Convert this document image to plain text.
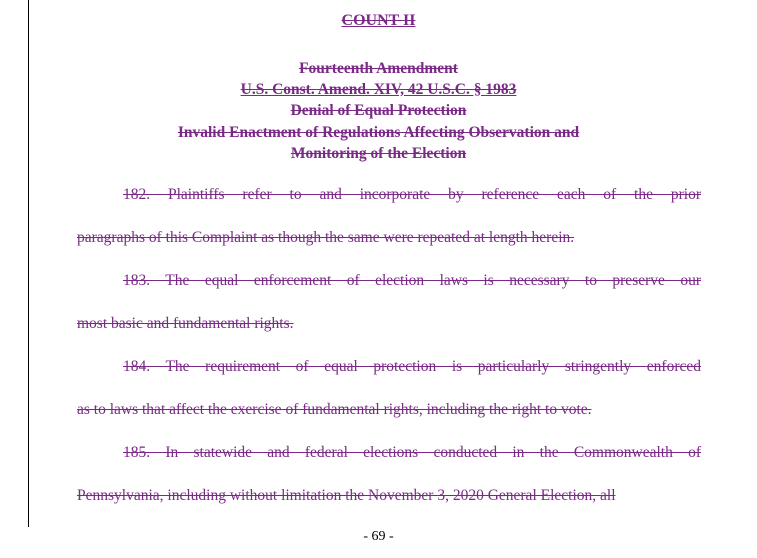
COUNT II
Fourteenth Amendment
U.S. Const. Amend. XIV, 42 U.S.C. § 1983
Denial of Equal Protection
Invalid Enactment of Regulations Affecting Observation and
Monitoring of the Election
182. Plaintiffs refer to and incorporate by reference each of the prior
paragraphs of this Complaint as though the same were repeated at length herein.
183. The equal enforcement of election laws is necessary to preserve our
most basic and fundamental rights.
184. The requirement of equal protection is particularly stringently enforced
as to laws that affect the exercise of fundamental rights, including the right to vote.
185. In statewide and federal elections conducted in the Commonwealth of
Pennsylvania, including without limitation the November 3, 2020 General Election, all
- 69 -
